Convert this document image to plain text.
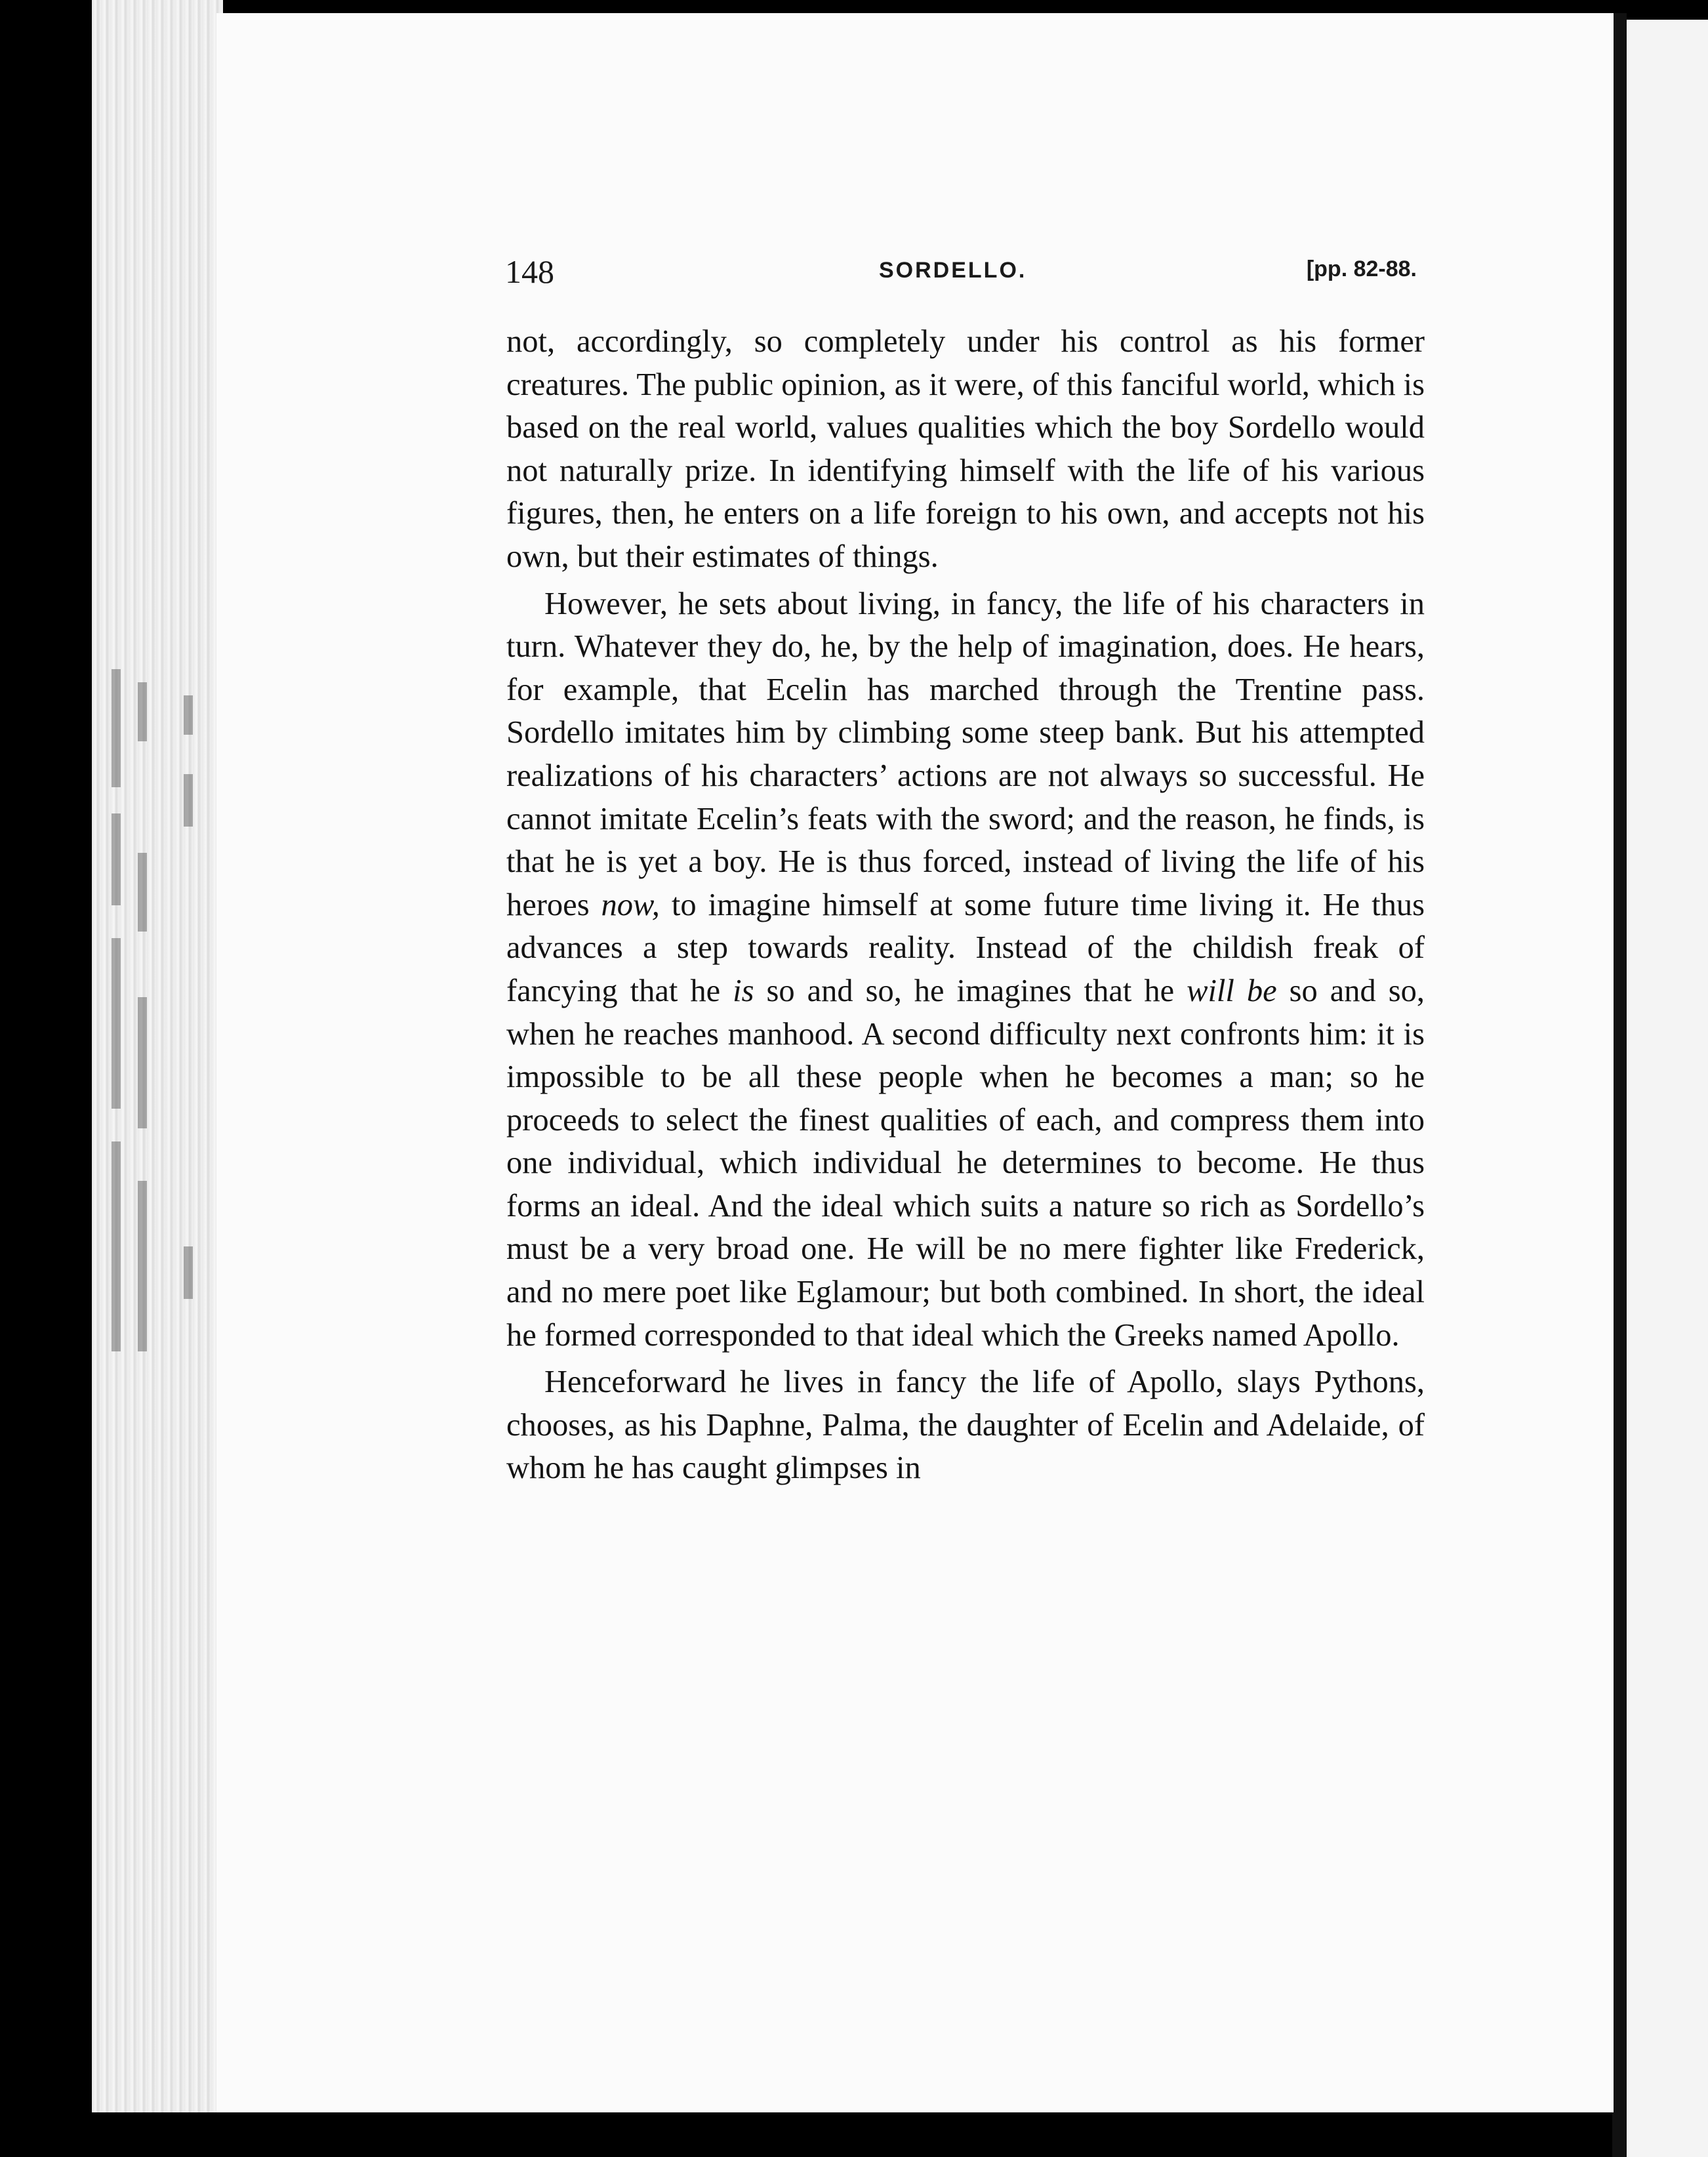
148	SORDELLO.	[pp. 82-88.

not, accordingly, so completely under his control as his former creatures. The public opinion, as it were, of this fanciful world, which is based on the real world, values qualities which the boy Sordello would not naturally prize. In identifying himself with the life of his various figures, then, he enters on a life foreign to his own, and accepts not his own, but their estimates of things.

However, he sets about living, in fancy, the life of his characters in turn. Whatever they do, he, by the help of imagination, does. He hears, for example, that Ecelin has marched through the Trentine pass. Sordello imitates him by climbing some steep bank. But his attempted realizations of his characters’ actions are not always so successful. He cannot imitate Ecelin’s feats with the sword; and the reason, he finds, is that he is yet a boy. He is thus forced, instead of living the life of his heroes now, to imagine himself at some future time living it. He thus advances a step towards reality. Instead of the childish freak of fancying that he is so and so, he imagines that he will be so and so, when he reaches manhood. A second difficulty next confronts him: it is impossible to be all these people when he becomes a man; so he proceeds to select the finest qualities of each, and compress them into one individual, which individual he determines to become. He thus forms an ideal. And the ideal which suits a nature so rich as Sordello’s must be a very broad one. He will be no mere fighter like Frederick, and no mere poet like Eglamour; but both combined. In short, the ideal he formed corresponded to that ideal which the Greeks named Apollo.

Henceforward he lives in fancy the life of Apollo, slays Pythons, chooses, as his Daphne, Palma, the daughter of Ecelin and Adelaide, of whom he has caught glimpses in
